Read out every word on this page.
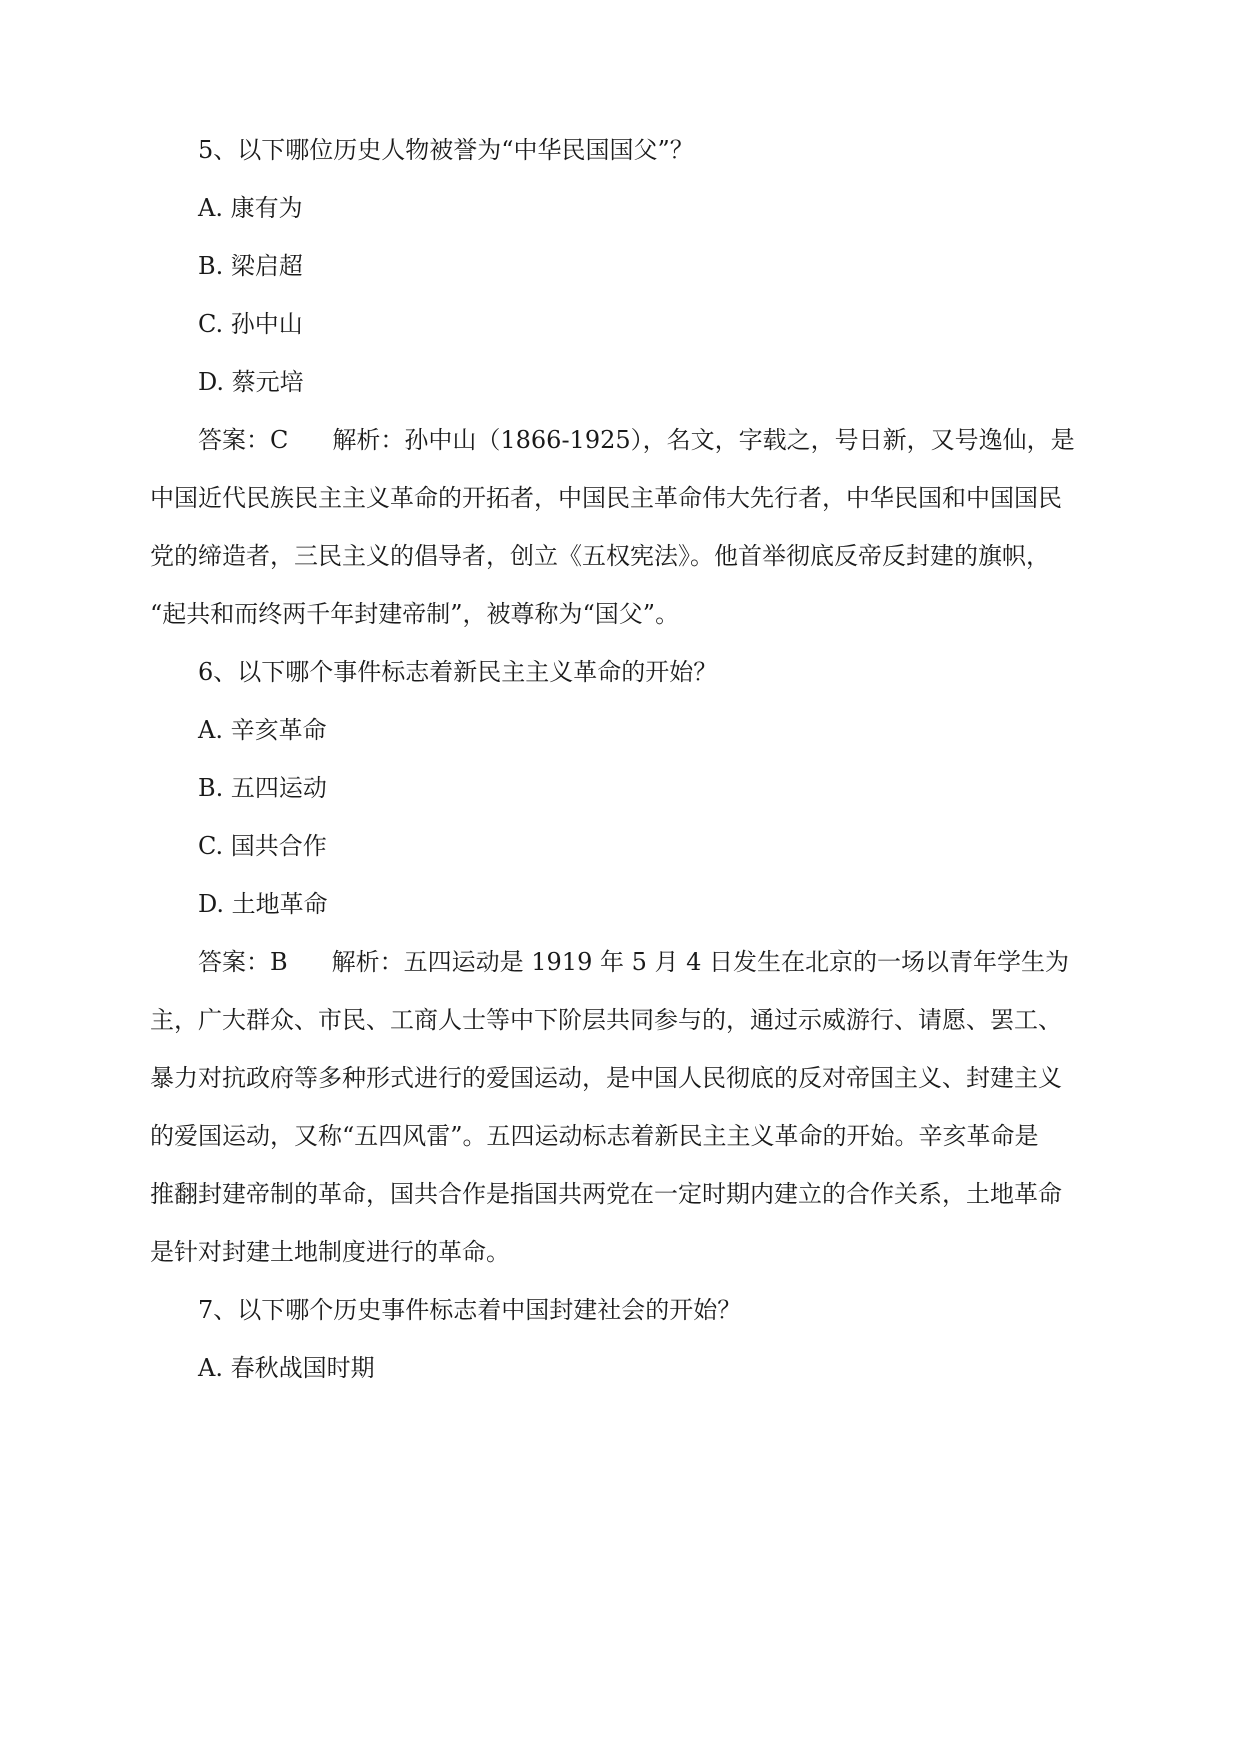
5、以下哪位历史人物被誉为“中华民国国父”？
A. 康有为
B. 梁启超
C. 孙中山
D. 蔡元培
答案：C 解析：孙中山（1866-1925），名文，字载之，号日新，又号逸仙，是
中国近代民族民主主义革命的开拓者，中国民主革命伟大先行者，中华民国和中国国民
党的缔造者，三民主义的倡导者，创立《五权宪法》。他首举彻底反帝反封建的旗帜，
“起共和而终两千年封建帝制”，被尊称为“国父”。
6、以下哪个事件标志着新民主主义革命的开始？
A. 辛亥革命
B. 五四运动
C. 国共合作
D. 土地革命
答案：B 解析：五四运动是 1919 年 5 月 4 日发生在北京的一场以青年学生为
主，广大群众、市民、工商人士等中下阶层共同参与的，通过示威游行、请愿、罢工、
暴力对抗政府等多种形式进行的爱国运动，是中国人民彻底的反对帝国主义、封建主义
的爱国运动，又称“五四风雷”。五四运动标志着新民主主义革命的开始。辛亥革命是
推翻封建帝制的革命，国共合作是指国共两党在一定时期内建立的合作关系，土地革命
是针对封建土地制度进行的革命。
7、以下哪个历史事件标志着中国封建社会的开始？
A. 春秋战国时期
